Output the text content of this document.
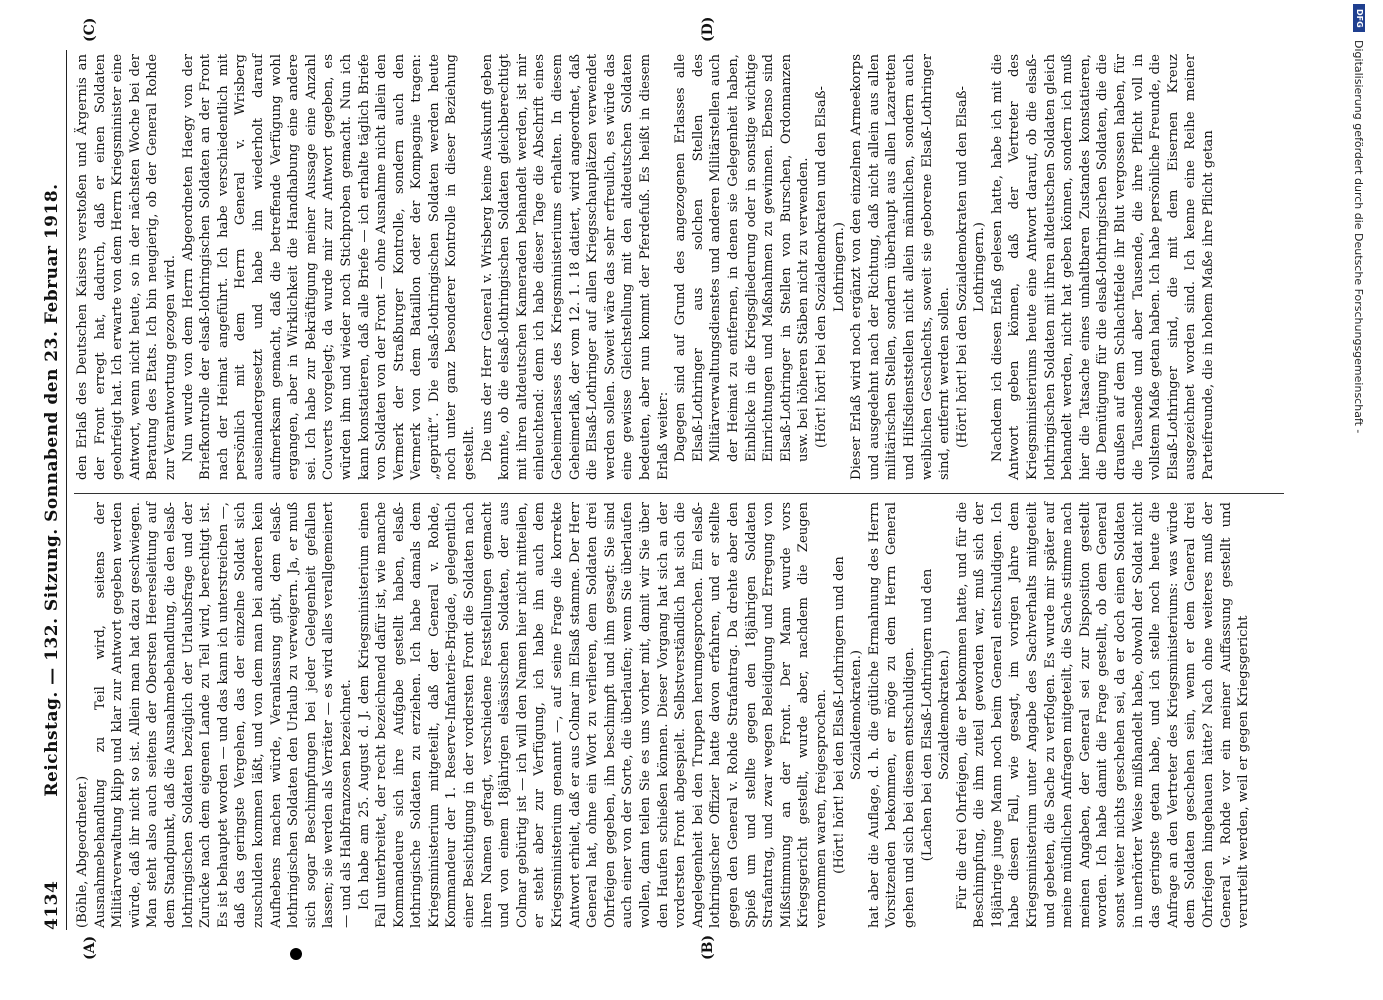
4134
Reichstag. — 132. Sitzung. Sonnabend den 23. Februar 1918.
(A)	(B)
(C)	(D)

(Böhle, Abgeordneter.) Ausnahmebehandlung zu Teil wird, seitens der Militärverwaltung klipp und klar zur Antwort gegeben werden würde, daß ihr nicht so ist. Allein man hat dazu geschwiegen. Man steht also auch seitens der Obersten Heeresleitung auf dem Standpunkt, daß die Ausnahmebehandlung, die den elsaß-lothringischen Soldaten bezüglich der Urlaubsfrage und der Zurücke nach dem eigenen Lande zu Teil wird, berechtigt ist. Es ist behauptet worden — und das kann ich unterstreichen —, daß das geringste Vergehen, das der einzelne Soldat sich zuschulden kommen läßt, und von dem man bei anderen kein Aufhebens machen würde, Veranlassung gibt, dem elsaß-lothringischen Soldaten den Urlaub zu verweigern. Ja, er muß sich sogar Beschimpfungen bei jeder Gelegenheit gefallen lassen; sie werden als Verräter — es wird alles verallgemeinert — und als Halbfranzosen bezeichnet. Ich habe am 25. August d. J. dem Kriegsministerium einen Fall unterbreitet, der recht bezeichnend dafür ist, wie manche Kommandeure sich ihre Aufgabe gestellt haben, elsaß-lothringische Soldaten zu erziehen. Ich habe damals dem Kriegsministerium mitgeteilt, daß der General v. Rohde, Kommandeur der 1. Reserve-Infanterie-Brigade, gelegentlich einer Besichtigung in der vordersten Front die Soldaten nach ihren Namen gefragt, verschiedene Feststellungen gemacht und von einem 18jährigen elsässischen Soldaten, der aus Colmar gebürtig ist — ich will den Namen hier nicht mitteilen, er steht aber zur Verfügung, ich habe ihn auch dem Kriegsministerium genannt —, auf seine Frage die korrekte Antwort erhielt, daß er aus Colmar im Elsaß stamme. Der Herr General hat, ohne ein Wort zu verlieren, dem Soldaten drei Ohrfeigen gegeben, ihn beschimpft und ihm gesagt: Sie sind auch einer von der Sorte, die überlaufen; wenn Sie überlaufen wollen, dann teilen Sie es uns vorher mit, damit wir Sie über den Haufen schießen können. Dieser Vorgang hat sich an der vordersten Front abgespielt. Selbstverständlich hat sich die Angelegenheit bei den Truppen herumgesprochen. Ein elsaß-lothringischer Offizier hatte davon erfahren, und er stellte gegen den General v. Rohde Strafantrag. Da drehte aber den Spieß um und stellte gegen den 18jährigen Soldaten Strafantrag, und zwar wegen Beleidigung und Erregung von Mißstimmung an der Front. Der Mann wurde vors Kriegsgericht gestellt, wurde aber, nachdem die Zeugen vernommen waren, freigesprochen. (Hört! hört! bei den Elsaß-Lothringern und den Sozialdemokraten.) hat aber die Auflage, d. h. die gütliche Ermahnung des Herrn Vorsitzenden bekommen, er möge zu dem Herrn General gehen und sich bei diesem entschuldigen. (Lachen bei den Elsaß-Lothringern und den Sozialdemokraten.) Für die drei Ohrfeigen, die er bekommen hatte, und für die Beschimpfung, die ihm zuteil geworden war, muß sich der 18jährige junge Mann noch beim General entschuldigen. Ich habe diesen Fall, wie gesagt, im vorigen Jahre dem Kriegsministerium unter Angabe des Sachverhalts mitgeteilt und gebeten, die Sache zu verfolgen. Es wurde mir später auf meine mündlichen Anfragen mitgeteilt, die Sache stimme nach meinen Angaben, der General sei zur Disposition gestellt worden. Ich habe damit die Frage gestellt, ob dem General sonst weiter nichts geschehen sei, da er doch einen Soldaten in unerhörter Weise mißhandelt habe, obwohl der Soldat nicht das geringste getan habe, und ich stelle noch heute die Anfrage an den Vertreter des Kriegsministeriums: was würde dem Soldaten geschehen sein, wenn er dem General drei Ohrfeigen hingehauen hätte? Nach ohne weiteres muß der General v. Rohde vor ein meiner Auffassung gestellt und verurteilt werden, weil er gegen Kriegsgericht

den Erlaß des Deutschen Kaisers verstoßen und Ärgernis an der Front erregt hat, dadurch, daß er einen Soldaten geohrfeigt hat. Ich erwarte von dem Herrn Kriegsminister eine Antwort, wenn nicht heute, so in der nächsten Woche bei der Beratung des Etats. Ich bin neugierig, ob der General Rohde zur Verantwortung gezogen wird. Nun wurde von dem Herrn Abgeordneten Haegy von der Briefkontrolle der elsaß-lothringischen Soldaten an der Front nach der Heimat angeführt. Ich habe verschiedentlich mit persönlich mit dem Herrn General v. Wrisberg auseinandergesetzt und habe ihn wiederholt darauf aufmerksam gemacht, daß die betreffende Verfügung wohl ergangen, aber in Wirklichkeit die Handhabung eine andere sei. Ich habe zur Bekräftigung meiner Aussage eine Anzahl Couverts vorgelegt; da wurde mir zur Antwort gegeben, es würden ihm und wieder noch Stichproben gemacht. Nun ich kann konstatieren, daß alle Briefe — ich erhalte täglich Briefe von Soldaten von der Front — ohne Ausnahme nicht allein den Vermerk der Straßburger Kontrolle, sondern auch den Vermerk von dem Bataillon oder der Kompagnie tragen: „geprüft“. Die elsaß-lothringischen Soldaten werden heute noch unter ganz besonderer Kontrolle in dieser Beziehung gestellt. Die uns der Herr General v. Wrisberg keine Auskunft geben konnte, ob die elsaß-lothringischen Soldaten gleichberechtigt mit ihren altdeutschen Kameraden behandelt werden, ist mir einleuchtend: denn ich habe dieser Tage die Abschrift eines Geheimerlasses des Kriegsministeriums erhalten. In diesem Geheimerlaß, der vom 12. 1. 18 datiert, wird angeordnet, daß die Elsaß-Lothringer auf allen Kriegsschauplätzen verwendet werden sollen. Soweit wäre das sehr erfreulich, es würde das eine gewisse Gleichstellung mit den altdeutschen Soldaten bedeuten, aber nun kommt der Pferdefuß. Es heißt in diesem Erlaß weiter: Dagegen sind auf Grund des angezogenen Erlasses alle Elsaß-Lothringer aus solchen Stellen des Militärverwaltungsdienstes und anderen Militärstellen auch der Heimat zu entfernen, in denen sie Gelegenheit haben, Einblicke in die Kriegsgliederung oder in sonstige wichtige Einrichtungen und Maßnahmen zu gewinnen. Ebenso sind Elsaß-Lothringer in Stellen von Burschen, Ordonnanzen usw. bei höheren Stäben nicht zu verwenden. (Hört! hört! bei den Sozialdemokraten und den Elsaß-Lothringern.) Dieser Erlaß wird noch ergänzt von den einzelnen Armeekorps und ausgedehnt nach der Richtung, daß nicht allein aus allen militärischen Stellen, sondern überhaupt aus allen Lazaretten und Hilfsdienststellen nicht allein männlichen, sondern auch weiblichen Geschlechts, soweit sie geborene Elsaß-Lothringer sind, entfernt werden sollen. (Hört! hört! bei den Sozialdemokraten und den Elsaß-Lothringern.) Nachdem ich diesen Erlaß gelesen hatte, habe ich mit die Antwort geben können, daß der Vertreter des Kriegsministeriums heute eine Antwort darauf, ob die elsaß-lothringischen Soldaten mit ihren altdeutschen Soldaten gleich behandelt werden, nicht hat geben können, sondern ich muß hier die Tatsache eines unhaltbaren Zustandes konstatieren, die Demütigung für die elsaß-lothringischen Soldaten, die die draußen auf dem Schlachtfelde ihr Blut vergossen haben, für die Tausende und aber Tausende, die ihre Pflicht voll in vollstem Maße getan haben. Ich habe persönliche Freunde, die Elsaß-Lothringer sind, die mit dem Eisernen Kreuz ausgezeichnet worden sind. Ich kenne eine Reihe meiner Parteifreunde, die in hohem Maße ihre Pflicht getan

DFG
Digitalisierung gefördert durch die Deutsche Forschungsgemeinschaft -
